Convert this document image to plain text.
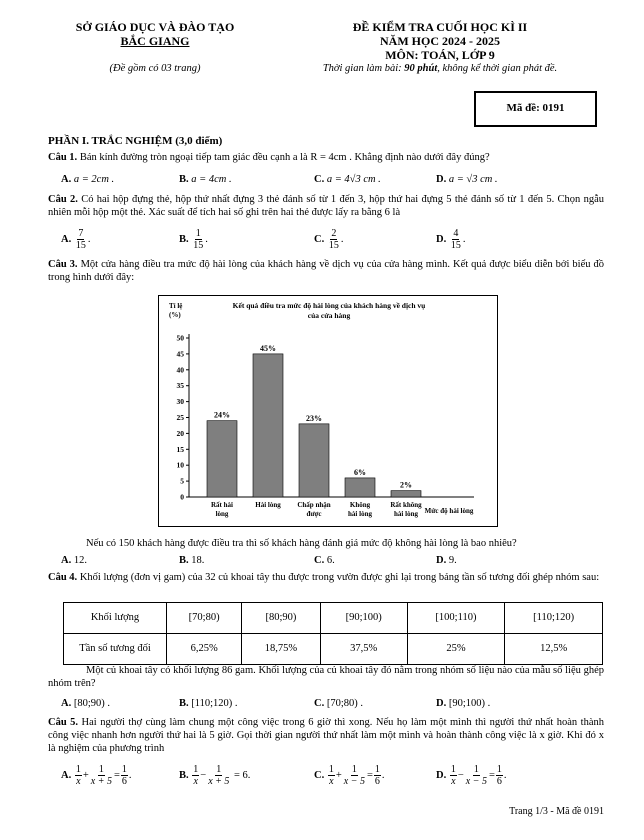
SỞ GIÁO DỤC VÀ ĐÀO TẠO
BẮC GIANG
(Đề gồm có 03 trang)
ĐỀ KIỂM TRA CUỐI HỌC KÌ II
NĂM HỌC 2024 - 2025
MÔN: TOÁN, LỚP 9
Thời gian làm bài: 90 phút, không kể thời gian phát đề.
Mã đề: 0191
PHẦN I. TRẮC NGHIỆM (3,0 điểm)
Câu 1. Bán kính đường tròn ngoại tiếp tam giác đều cạnh a là R = 4cm . Khẳng định nào dưới đây đúng?
A. a = 2cm .	B. a = 4cm .	C. a = 4√3 cm .	D. a = √3 cm .
Câu 2. Có hai hộp đựng thẻ, hộp thứ nhất đựng 3 thẻ đánh số từ 1 đến 3, hộp thứ hai đựng 5 thẻ đánh số từ 1 đến 5. Chọn ngẫu nhiên mỗi hộp một thẻ. Xác suất để tích hai số ghi trên hai thẻ được lấy ra bằng 6 là
A. $\frac{7}{15}$ .	B. $\frac{1}{15}$ .	C. $\frac{2}{15}$ .	D. $\frac{4}{15}$ .
Câu 3. Một cửa hàng điều tra mức độ hài lòng của khách hàng về dịch vụ của cửa hàng mình. Kết quả được biểu diễn bởi biểu đồ trong hình dưới đây:
Tỉ lệ
(%)
Kết quả điều tra mức độ hài lòng của khách hàng về dịch vụ
của cửa hàng
0
5
10
15
20
25
30
35
40
45
50
24%
Rất hài
lòng
45%
Hài lòng
23%
Chấp nhận
được
6%
Không
hài lòng
2%
Rất không
hài lòng Mức độ hài lòng
Nếu có 150 khách hàng được điều tra thì số khách hàng đánh giá mức độ không hài lòng là bao nhiêu?
A. 12.	B. 18.	C. 6.	D. 9.
Câu 4. Khối lượng (đơn vị gam) của 32 củ khoai tây thu được trong vườn được ghi lại trong bảng tần số tương đối ghép nhóm sau:
Khối lượng	[70;80)	[80;90)	[90;100)	[100;110)	[110;120)
Tần số tương đối	6,25%	18,75%	37,5%	25%	12,5%
Một củ khoai tây có khối lượng 86 gam. Khối lượng của củ khoai tây đó nằm trong nhóm số liệu nào của mẫu số liệu ghép nhóm trên?
A. [80;90) .	B. [110;120) .	C. [70;80) .	D. [90;100) .
Câu 5. Hai người thợ cùng làm chung một công việc trong 6 giờ thì xong. Nếu họ làm một mình thì người thứ nhất hoàn thành công việc nhanh hơn người thứ hai là 5 giờ. Gọi thời gian người thứ nhất làm một mình và hoàn thành công việc là x giờ. Khi đó x là nghiệm của phương trình
A. $\frac{1}{x} + \frac{1}{x + 5} = \frac{1}{6}$ .	B. $\frac{1}{x} - \frac{1}{x + 5} = 6$.	C. $\frac{1}{x} + \frac{1}{x - 5} = \frac{1}{6}$ .	D. $\frac{1}{x} - \frac{1}{x - 5} = \frac{1}{6}$ .
Trang 1/3 - Mã đề 0191
